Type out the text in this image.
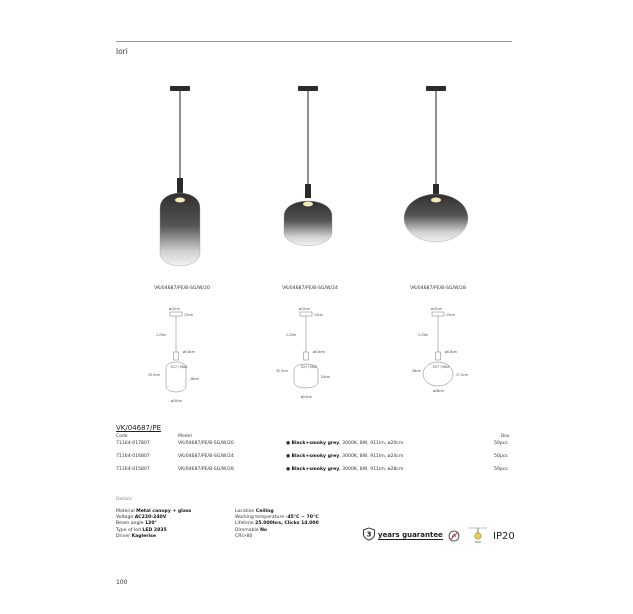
lori
VK/04687/PE/B-SG/W/20	VK/04687/PE/B-SG/W/24	VK/04687/PE/B-SG/W/28
ø12cm
13cm
1.25m
ø0.8cm
E27 / MAX
30.5cm
28cm
ø20cm
ø12cm
13cm
1.25m
ø0.8cm
E27 / MAX
32.5cm
24cm
ø24cm
ø12cm
13cm
1.25m
ø0.8cm
E27 / MAX
28cm
17.5cm
ø28cm
VK/04687/PE
Code	Model	Box
71164-017807	VK/04687/PE/B-SG/W/20	● Black+smoky grey, 3000K, 8W, 911lm, ø20cm	50pcs
71164-016807	VK/04687/PE/B-SG/W/24	● Black+smoky grey, 3000K, 8W, 911lm, ø24cm	50pcs
71164-015807	VK/04687/PE/B-SG/W/28	● Black+smoky grey, 3000K, 8W, 911lm, ø28cm	50pcs
Details
Material Metal canopy + glass
Voltage AC220-240V
Beam angle 120°
Type of led LED 2835
Driver Kaglerise
Location Ceiling
Working temperature -45°C ~ 70°C
Lifetime 25.000hrs, Clicks 14.000
Dimmable No
CRI>80	3 years guarantee	IP20
100
